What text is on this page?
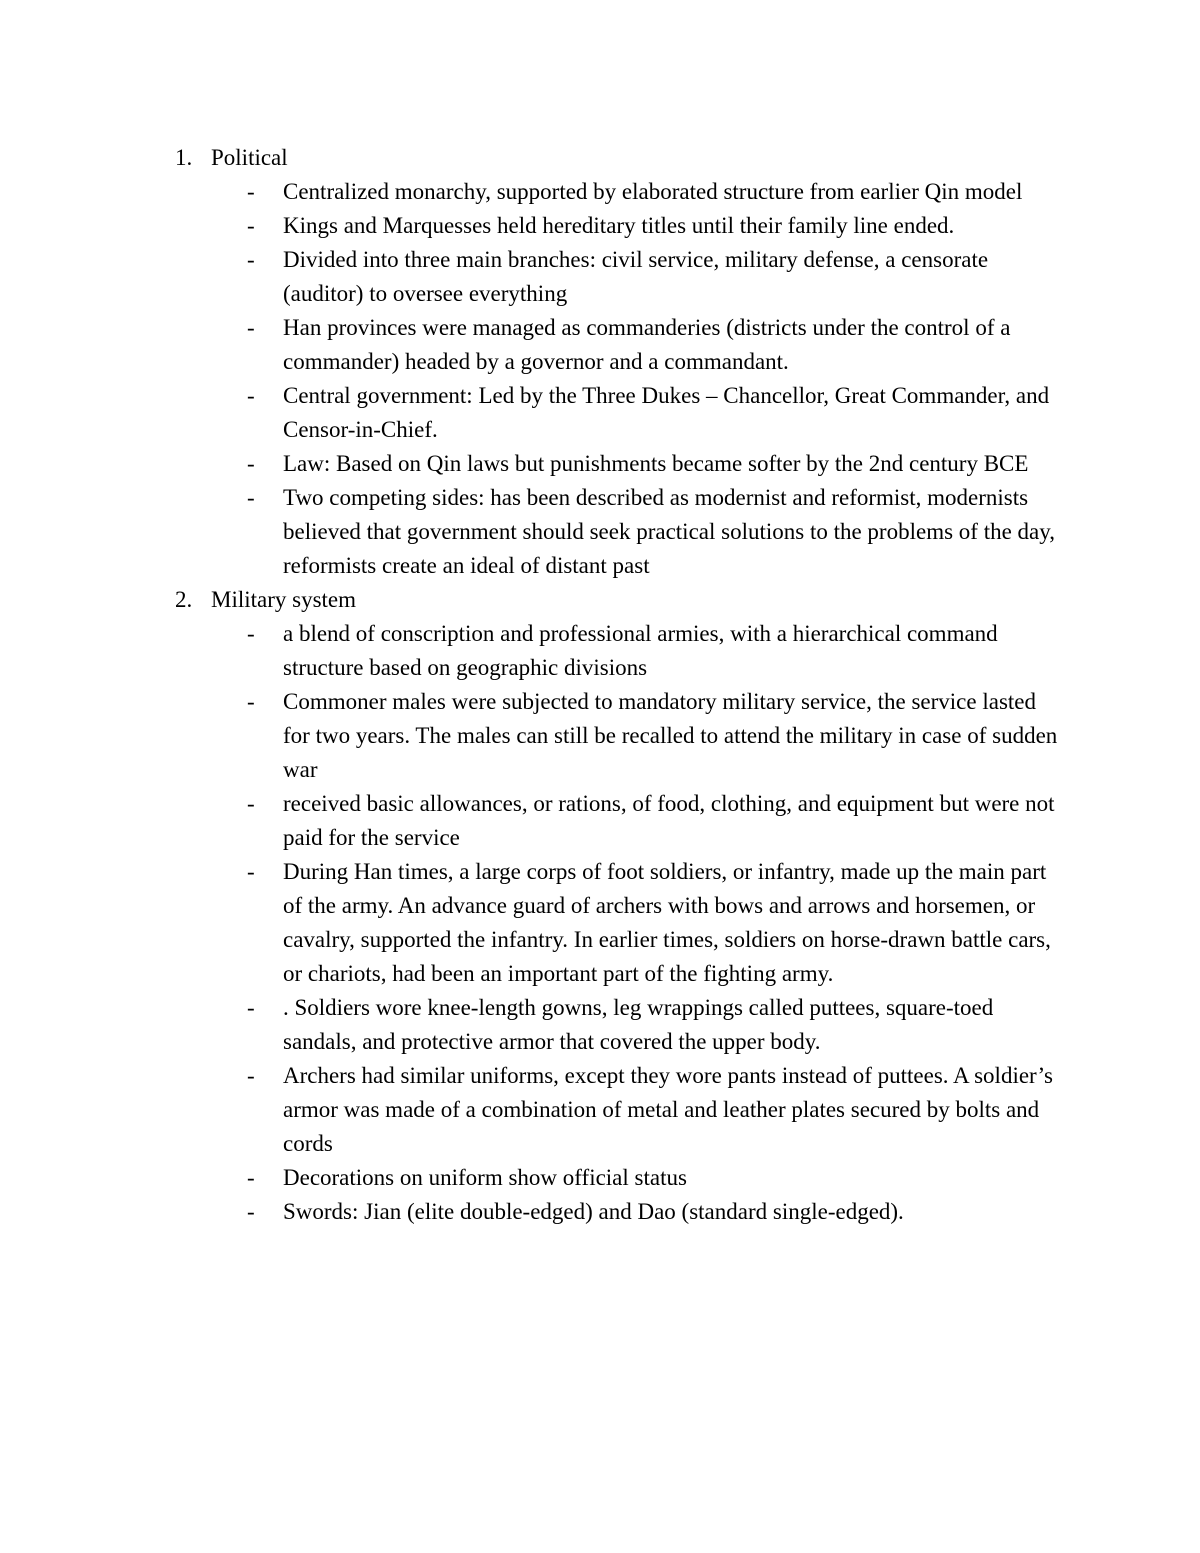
1. Political
- Centralized monarchy, supported by elaborated structure from earlier Qin model
- Kings and Marquesses held hereditary titles until their family line ended.
- Divided into three main branches: civil service, military defense, a censorate (auditor) to oversee everything
- Han provinces were managed as commanderies (districts under the control of a commander) headed by a governor and a commandant.
- Central government: Led by the Three Dukes – Chancellor, Great Commander, and Censor-in-Chief.
- Law: Based on Qin laws but punishments became softer by the 2nd century BCE
- Two competing sides: has been described as modernist and reformist, modernists believed that government should seek practical solutions to the problems of the day, reformists create an ideal of distant past
2. Military system
- a blend of conscription and professional armies, with a hierarchical command structure based on geographic divisions
- Commoner males were subjected to mandatory military service, the service lasted for two years. The males can still be recalled to attend the military in case of sudden war
- received basic allowances, or rations, of food, clothing, and equipment but were not paid for the service
- During Han times, a large corps of foot soldiers, or infantry, made up the main part of the army. An advance guard of archers with bows and arrows and horsemen, or cavalry, supported the infantry. In earlier times, soldiers on horse-drawn battle cars, or chariots, had been an important part of the fighting army.
- . Soldiers wore knee-length gowns, leg wrappings called puttees, square-toed sandals, and protective armor that covered the upper body.
- Archers had similar uniforms, except they wore pants instead of puttees. A soldier’s armor was made of a combination of metal and leather plates secured by bolts and cords
- Decorations on uniform show official status
- Swords: Jian (elite double-edged) and Dao (standard single-edged).
